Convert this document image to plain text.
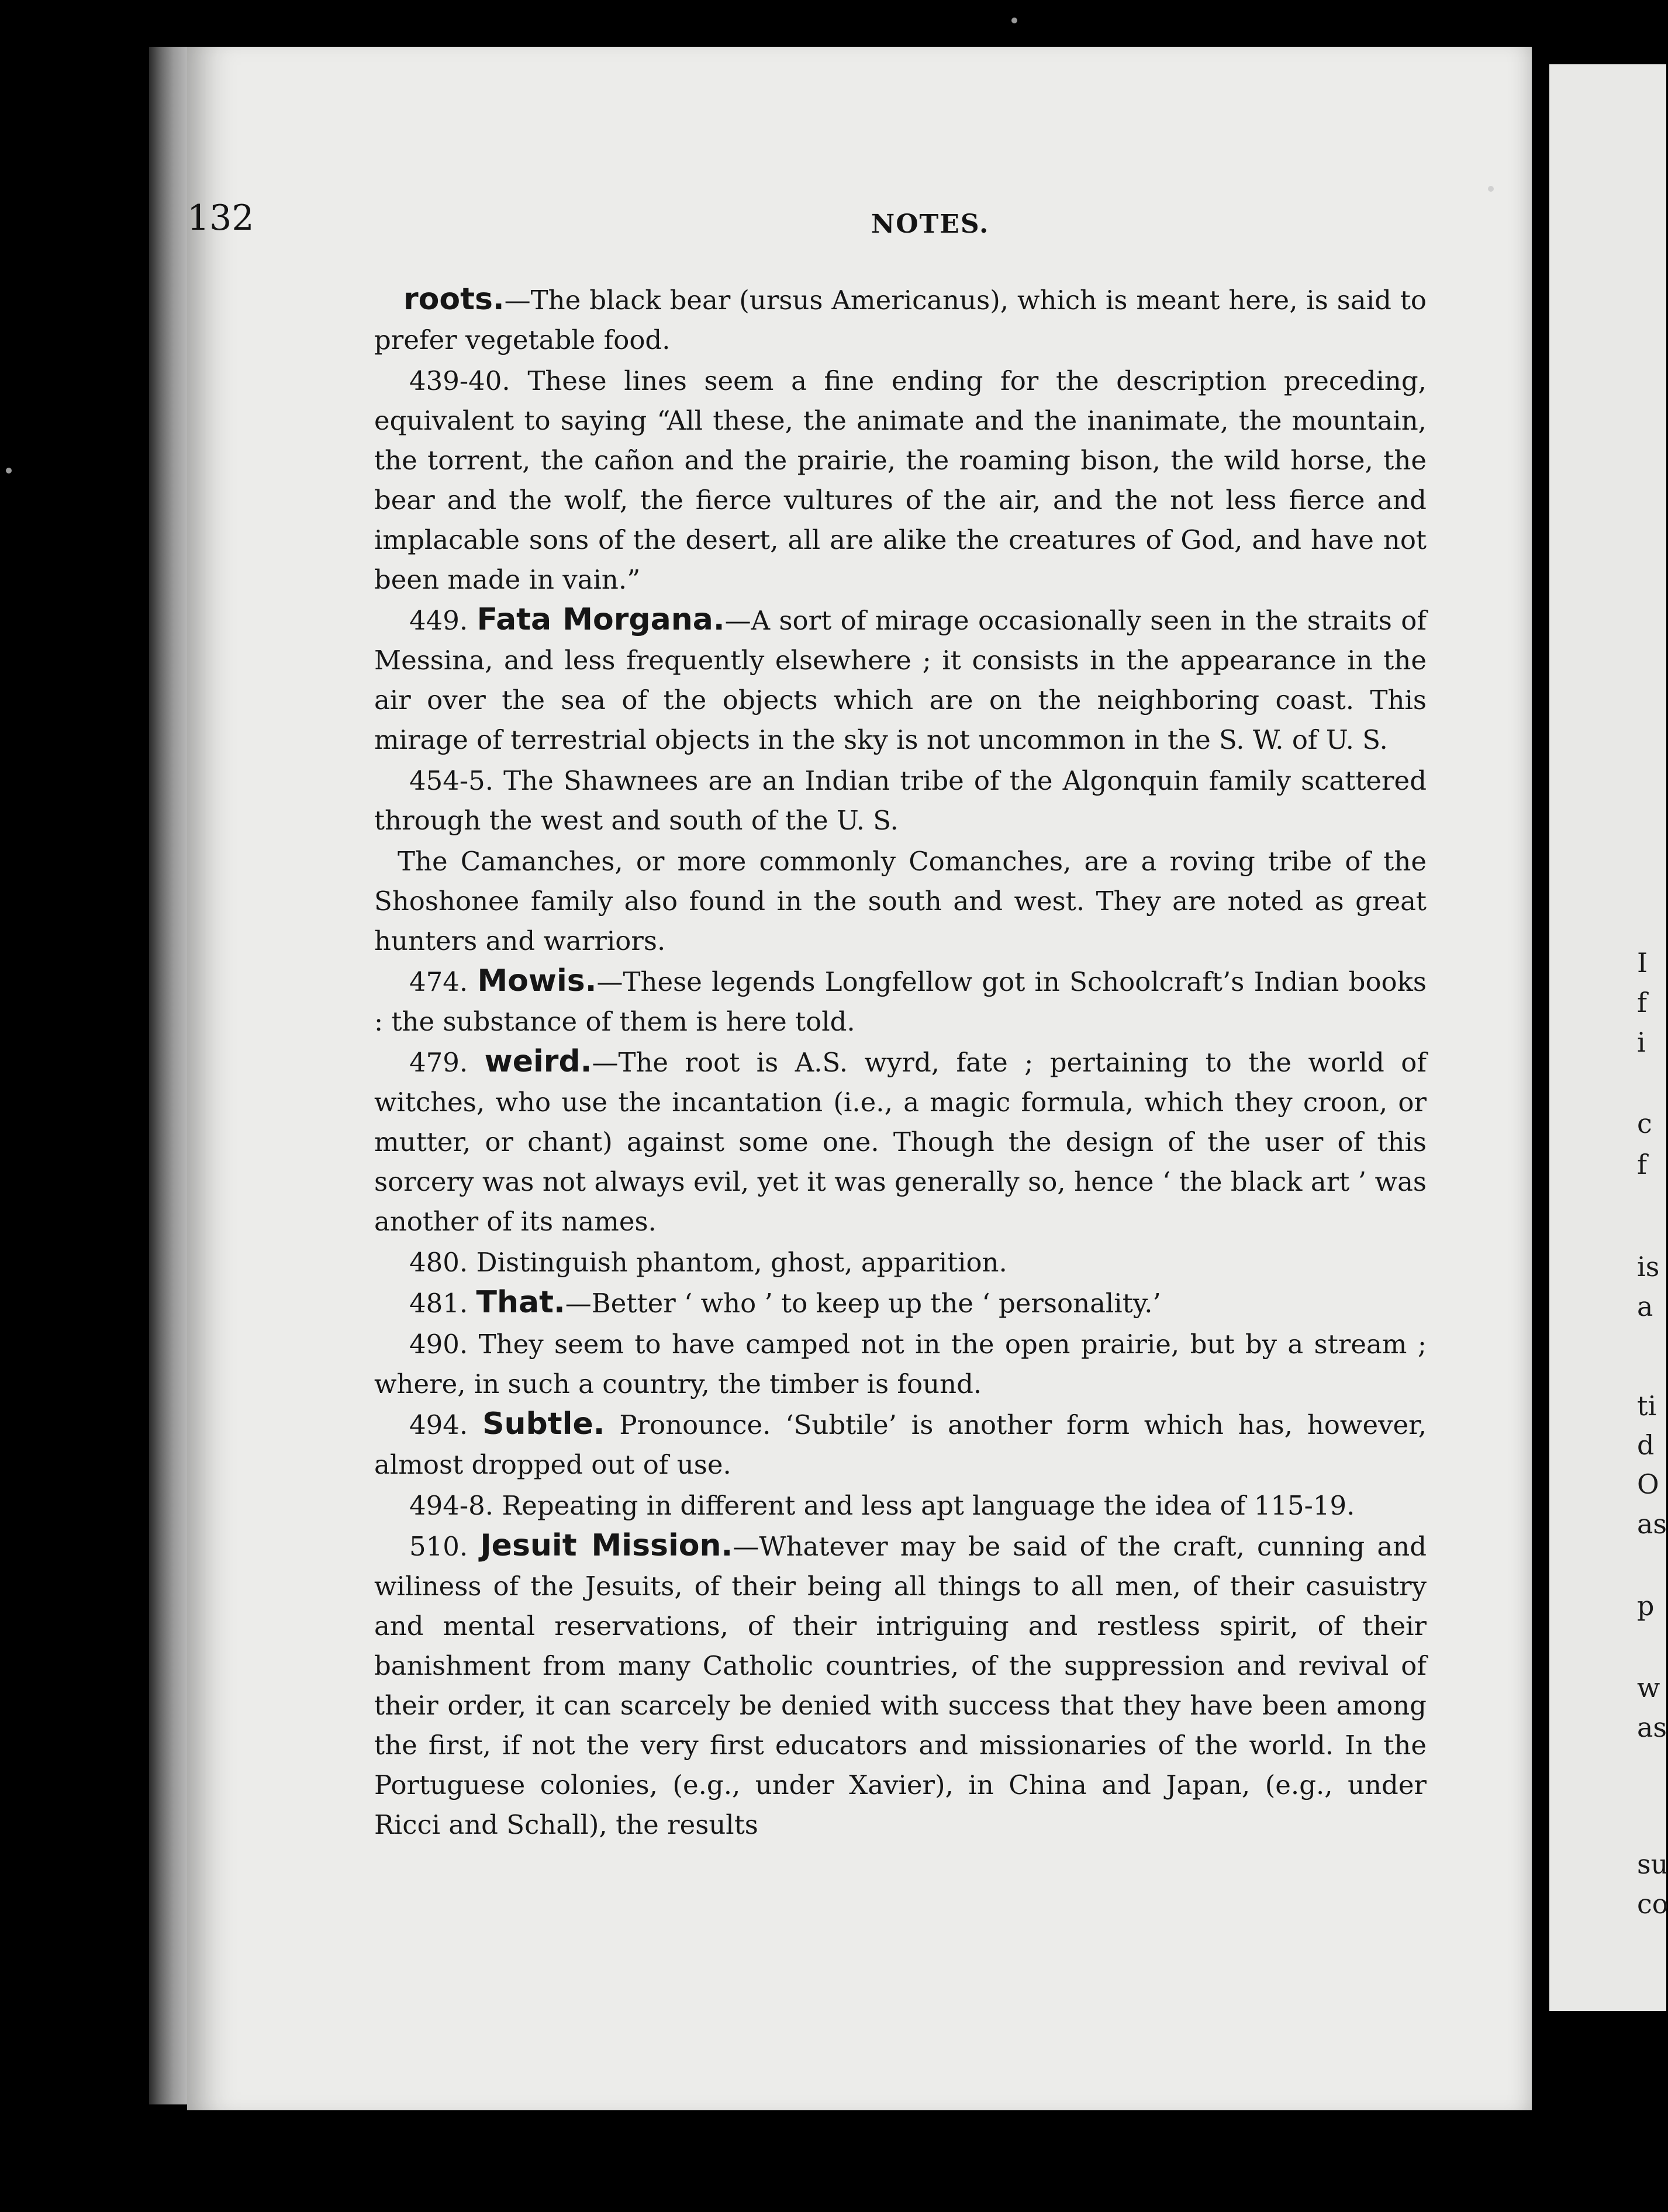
I
f
i
c
f
is
a
ti
d
O
as
p
w
as
su
co
132	NOTES.

roots.—The black bear (ursus Americanus), which is meant here, is said to prefer vegetable food.

439-40. These lines seem a fine ending for the description preceding, equivalent to saying “All these, the animate and the inanimate, the mountain, the torrent, the cañon and the prairie, the roaming bison, the wild horse, the bear and the wolf, the fierce vultures of the air, and the not less fierce and implacable sons of the desert, all are alike the creatures of God, and have not been made in vain.”

449. Fata Morgana.—A sort of mirage occasionally seen in the straits of Messina, and less frequently elsewhere ; it consists in the appearance in the air over the sea of the objects which are on the neighboring coast. This mirage of terrestrial objects in the sky is not uncommon in the S. W. of U. S.

454-5. The Shawnees are an Indian tribe of the Algonquin family scattered through the west and south of the U. S.

The Camanches, or more commonly Comanches, are a roving tribe of the Shoshonee family also found in the south and west. They are noted as great hunters and warriors.

474. Mowis.—These legends Longfellow got in Schoolcraft’s Indian books : the substance of them is here told.

479. weird.—The root is A.S. wyrd, fate ; pertaining to the world of witches, who use the incantation (i.e., a magic formula, which they croon, or mutter, or chant) against some one. Though the design of the user of this sorcery was not always evil, yet it was generally so, hence ‘ the black art ’ was another of its names.

480. Distinguish phantom, ghost, apparition.

481. That.—Better ‘ who ’ to keep up the ‘ personality.’

490. They seem to have camped not in the open prairie, but by a stream ; where, in such a country, the timber is found.

494. Subtle. Pronounce. ‘Subtile’ is another form which has, however, almost dropped out of use.

494-8. Repeating in different and less apt language the idea of 115-19.

510. Jesuit Mission.—Whatever may be said of the craft, cunning and wiliness of the Jesuits, of their being all things to all men, of their casuistry and mental reservations, of their intriguing and restless spirit, of their banishment from many Catholic countries, of the suppression and revival of their order, it can scarcely be denied with success that they have been among the first, if not the very first educators and missionaries of the world. In the Portuguese colonies, (e.g., under Xavier), in China and Japan, (e.g., under Ricci and Schall), the results
